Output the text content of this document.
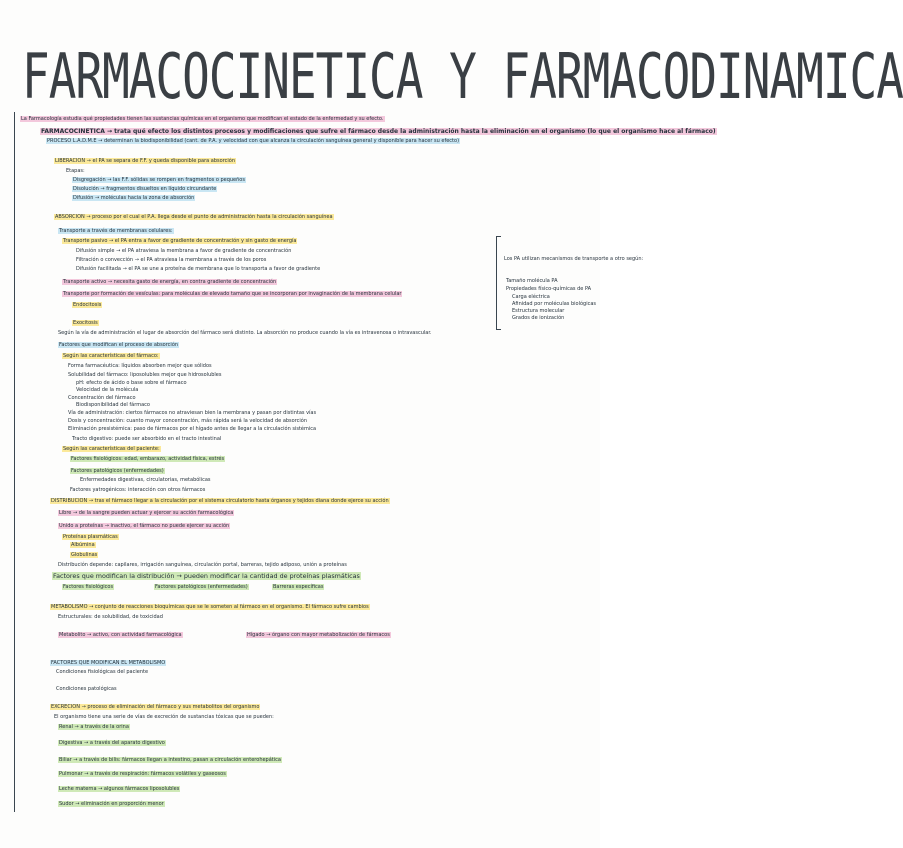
FARMACOCINETICA Y FARMACODINAMICA
La Farmacología estudia qué propiedades tienen las sustancias químicas en el organismo que modifican el estado de la enfermedad y su efecto.
FARMACOCINETICA → trata qué efecto los distintos procesos y modificaciones que sufre el fármaco desde la administración hasta la eliminación en el organismo (lo que el organismo hace al fármaco)
PROCESO L.A.D.M.E → determinan la biodisponibilidad (cant. de P.A. y velocidad con que alcanza la circulación sanguínea general y disponible para hacer su efecto)
LIBERACION → el PA se separa de F.F. y queda disponible para absorción
Etapas:
Disgregación → las F.F. sólidas se rompen en fragmentos o pequeños
Disolución → fragmentos disueltos en líquido circundante
Difusión → moléculas hacia la zona de absorción
ABSORCION → proceso por el cual el P.A. llega desde el punto de administración hasta la circulación sanguínea
Transporte a través de membranas celulares:
Transporte pasivo → el PA entra a favor de gradiente de concentración y sin gasto de energía
Difusión simple → el PA atraviesa la membrana a favor de gradiente de concentración
Filtración o convección → el PA atraviesa la membrana a través de los poros
Difusión facilitada → el PA se une a proteína de membrana que lo transporta a favor de gradiente
Transporte activo → necesita gasto de energía, en contra gradiente de concentración
Transporte por formación de vesículas: para moléculas de elevado tamaño que se incorporan por invaginación de la membrana celular
Endocitosis
Exocitosis
Según la vía de administración el lugar de absorción del fármaco será distinto. La absorción no produce cuando la vía es intravenosa o intravascular.
Los PA utilizan mecanismos de transporte a otro según:
Tamaño molécula PA
Propiedades físico-químicas de PA
Carga eléctrica
Afinidad por moléculas biológicas
Estructura molecular
Grados de ionización
Factores que modifican el proceso de absorción
Según las características del fármaco:
Forma farmacéutica: líquidos absorben mejor que sólidos
Solubilidad del fármaco: liposolubles mejor que hidrosolubles
pH: efecto de ácido o base sobre el fármaco
Velocidad de la molécula
Concentración del fármaco
Biodisponibilidad del fármaco
Vía de administración: ciertos fármacos no atraviesan bien la membrana y pasan por distintas vías
Dosis y concentración: cuanto mayor concentración, más rápida será la velocidad de absorción
Eliminación presistémica: paso de fármacos por el hígado antes de llegar a la circulación sistémica
Tracto digestivo: puede ser absorbido en el tracto intestinal
Según las características del paciente:
Factores fisiológicos: edad, embarazo, actividad física, estrés
Factores patológicos (enfermedades)
Enfermedades digestivas, circulatorias, metabólicas
Factores yatrogénicos: interacción con otros fármacos
DISTRIBUCION → tras el fármaco llegar a la circulación por el sistema circulatorio hasta órganos y tejidos diana donde ejerce su acción
Libre → de la sangre pueden actuar y ejercer su acción farmacológica
Unido a proteínas → inactivo, el fármaco no puede ejercer su acción
Proteínas plasmáticas
Albúmina
Globulinas
Distribución depende: capilares, irrigación sanguínea, circulación portal, barreras, tejido adiposo, unión a proteínas
Factores que modifican la distribución → pueden modificar la cantidad de proteínas plasmáticas
Factores fisiológicos	Factores patológicos (enfermedades)	Barreras específicas
METABOLISMO → conjunto de reacciones bioquímicas que se le someten al fármaco en el organismo. El fármaco sufre cambios
Estructurales: de solubilidad, de toxicidad
Metabolito → activo, con actividad farmacológica	Hígado → órgano con mayor metabolización de fármacos
FACTORES QUE MODIFICAN EL METABOLISMO
Condiciones fisiológicas del paciente
Condiciones patológicas
EXCRECION → proceso de eliminación del fármaco y sus metabolitos del organismo
El organismo tiene una serie de vías de excreción de sustancias tóxicas que se pueden:
Renal → a través de la orina
Digestiva → a través del aparato digestivo
Biliar → a través de bilis: fármacos llegan a intestino, pasan a circulación enterohepática
Pulmonar → a través de respiración: fármacos volátiles y gaseosos
Leche materna → algunos fármacos liposolubles
Sudor → eliminación en proporción menor
